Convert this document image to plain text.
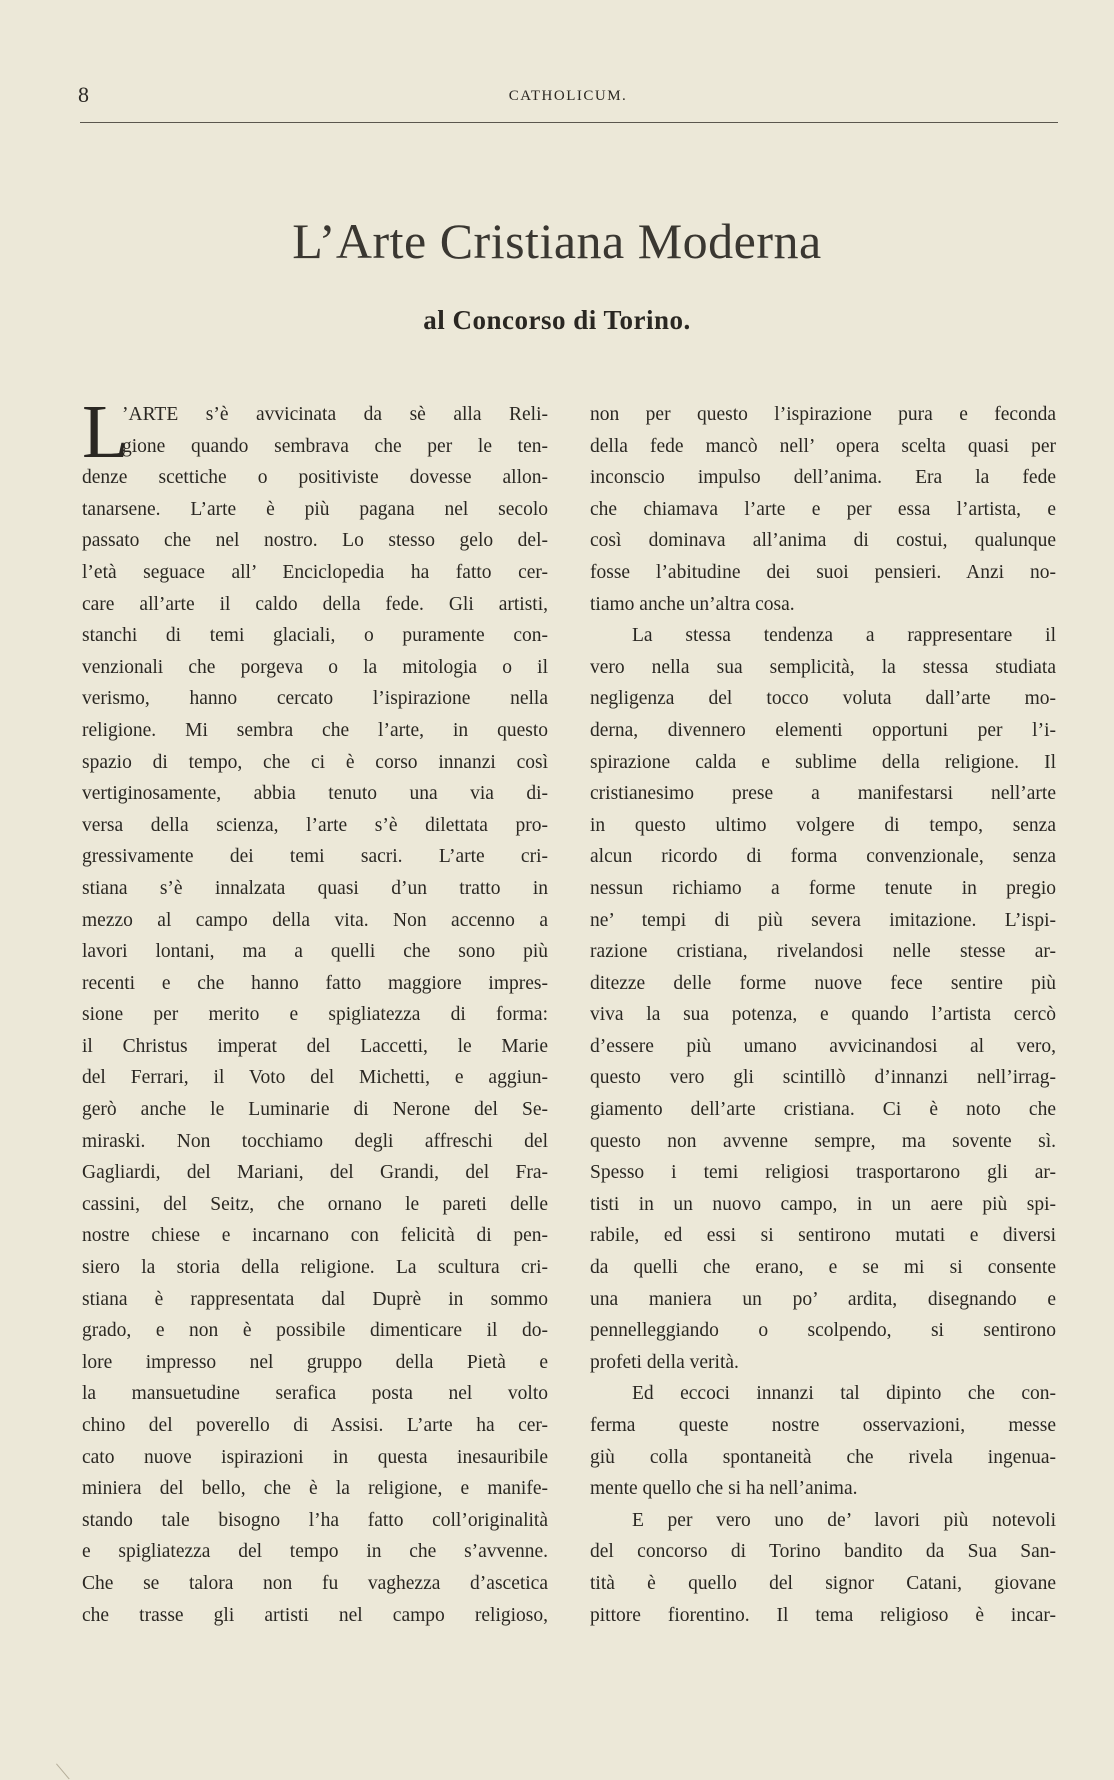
8	CATHOLICUM.
L’Arte Cristiana Moderna
al Concorso di Torino.
L
’ARTE s’è avvicinata da sè alla Reli-
gione quando sembrava che per le ten-
denze scettiche o positiviste dovesse allon-
tanarsene. L’arte è più pagana nel secolo
passato che nel nostro. Lo stesso gelo del-
l’età seguace all’ Enciclopedia ha fatto cer-
care all’arte il caldo della fede. Gli artisti,
stanchi di temi glaciali, o puramente con-
venzionali che porgeva o la mitologia o il
verismo, hanno cercato l’ispirazione nella
religione. Mi sembra che l’arte, in questo
spazio di tempo, che ci è corso innanzi così
vertiginosamente, abbia tenuto una via di-
versa della scienza, l’arte s’è dilettata pro-
gressivamente dei temi sacri. L’arte cri-
stiana s’è innalzata quasi d’un tratto in
mezzo al campo della vita. Non accenno a
lavori lontani, ma a quelli che sono più
recenti e che hanno fatto maggiore impres-
sione per merito e spigliatezza di forma:
il Christus imperat del Laccetti, le Marie
del Ferrari, il Voto del Michetti, e aggiun-
gerò anche le Luminarie di Nerone del Se-
miraski. Non tocchiamo degli affreschi del
Gagliardi, del Mariani, del Grandi, del Fra-
cassini, del Seitz, che ornano le pareti delle
nostre chiese e incarnano con felicità di pen-
siero la storia della religione. La scultura cri-
stiana è rappresentata dal Duprè in sommo
grado, e non è possibile dimenticare il do-
lore impresso nel gruppo della Pietà e
la mansuetudine serafica posta nel volto
chino del poverello di Assisi. L’arte ha cer-
cato nuove ispirazioni in questa inesauribile
miniera del bello, che è la religione, e manife-
stando tale bisogno l’ha fatto coll’originalità
e spigliatezza del tempo in che s’avvenne.
Che se talora non fu vaghezza d’ascetica
che trasse gli artisti nel campo religioso,
non per questo l’ispirazione pura e feconda
della fede mancò nell’ opera scelta quasi per
inconscio impulso dell’anima. Era la fede
che chiamava l’arte e per essa l’artista, e
così dominava all’anima di costui, qualunque
fosse l’abitudine dei suoi pensieri. Anzi no-
tiamo anche un’altra cosa.
La stessa tendenza a rappresentare il
vero nella sua semplicità, la stessa studiata
negligenza del tocco voluta dall’arte mo-
derna, divennero elementi opportuni per l’i-
spirazione calda e sublime della religione. Il
cristianesimo prese a manifestarsi nell’arte
in questo ultimo volgere di tempo, senza
alcun ricordo di forma convenzionale, senza
nessun richiamo a forme tenute in pregio
ne’ tempi di più severa imitazione. L’ispi-
razione cristiana, rivelandosi nelle stesse ar-
ditezze delle forme nuove fece sentire più
viva la sua potenza, e quando l’artista cercò
d’essere più umano avvicinandosi al vero,
questo vero gli scintillò d’innanzi nell’irrag-
giamento dell’arte cristiana. Ci è noto che
questo non avvenne sempre, ma sovente sì.
Spesso i temi religiosi trasportarono gli ar-
tisti in un nuovo campo, in un aere più spi-
rabile, ed essi si sentirono mutati e diversi
da quelli che erano, e se mi si consente
una maniera un po’ ardita, disegnando e
pennelleggiando o scolpendo, si sentirono
profeti della verità.
Ed eccoci innanzi tal dipinto che con-
ferma queste nostre osservazioni, messe
giù colla spontaneità che rivela ingenua-
mente quello che si ha nell’anima.
E per vero uno de’ lavori più notevoli
del concorso di Torino bandito da Sua San-
tità è quello del signor Catani, giovane
pittore fiorentino. Il tema religioso è incar-
